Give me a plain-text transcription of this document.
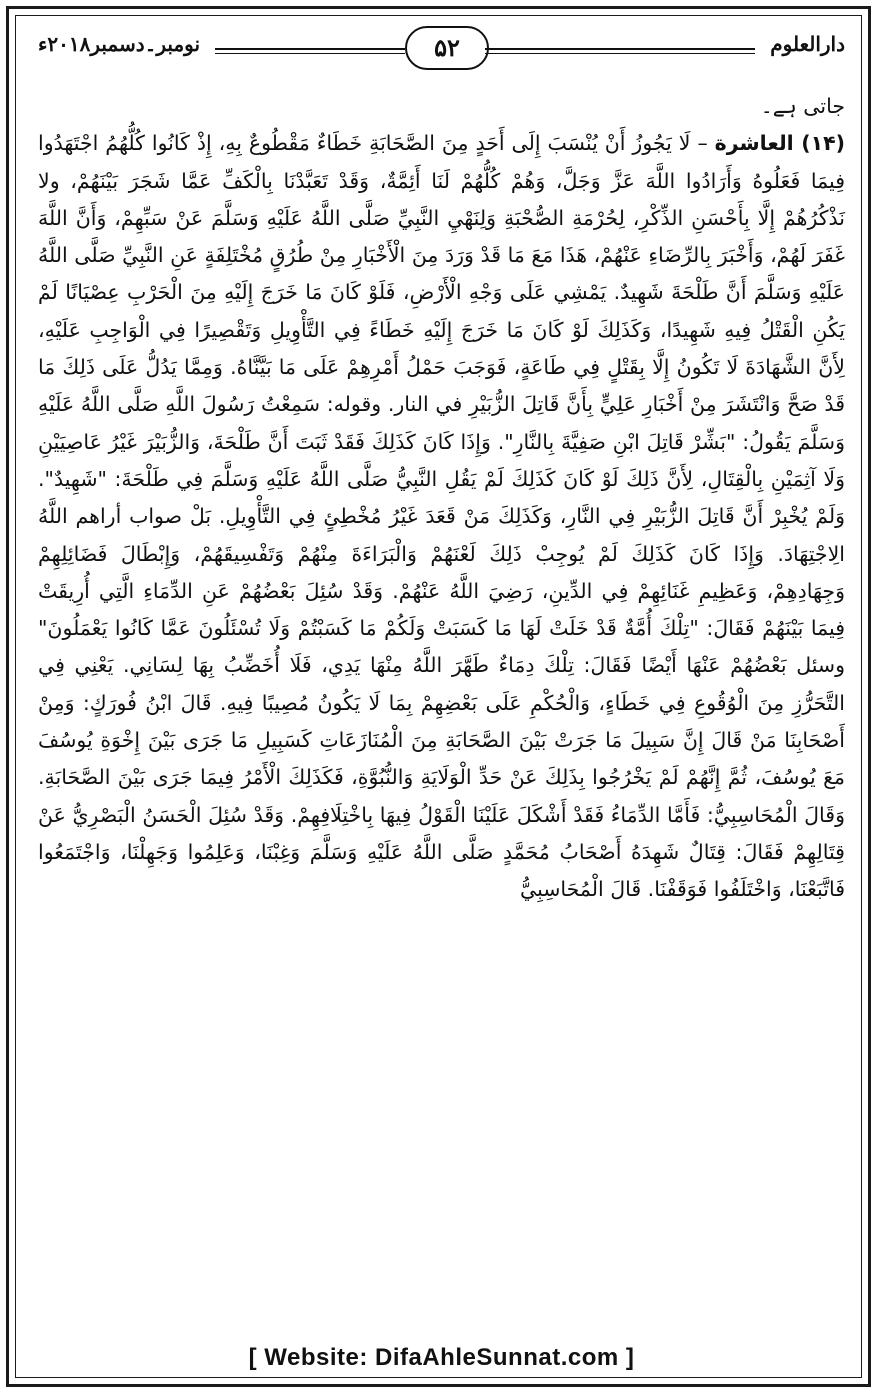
نومبر۔دسمبر۲۰۱۸ء	۵۲	دارالعلوم

جاتی ہے۔

(۱۴) العاشرة – لَا يَجُوزُ أَنْ يُنْسَبَ إِلَى أَحَدٍ مِنَ الصَّحَابَةِ خَطَاءٌ مَقْطُوعٌ بِهِ، إِذْ كَانُوا كُلُّهُمُ اجْتَهَدُوا فِيمَا فَعَلُوهُ وَأَرَادُوا اللَّهَ عَزَّ وَجَلَّ، وَهُمْ كُلُّهُمْ لَنَا أَئِمَّةٌ، وَقَدْ تَعَبَّدْنَا بِالْكَفِّ عَمَّا شَجَرَ بَيْنَهُمْ، ولا نَذْكُرُهُمْ إِلَّا بِأَحْسَنِ الذِّكْرِ، لِحُرْمَةِ الصُّحْبَةِ وَلِنَهْيِ النَّبِيِّ صَلَّى اللَّهُ عَلَيْهِ وَسَلَّمَ عَنْ سَبِّهِمْ، وَأَنَّ اللَّهَ غَفَرَ لَهُمْ، وَأَخْبَرَ بِالرِّضَاءِ عَنْهُمْ، هَذَا مَعَ مَا قَدْ وَرَدَ مِنَ الْأَخْبَارِ مِنْ طُرُقٍ مُخْتَلِفَةٍ عَنِ النَّبِيِّ صَلَّى اللَّهُ عَلَيْهِ وَسَلَّمَ أَنَّ طَلْحَةَ شَهِيدٌ. يَمْشِي عَلَى وَجْهِ الْأَرْضِ، فَلَوْ كَانَ مَا خَرَجَ إِلَيْهِ مِنَ الْحَرْبِ عِصْيَانًا لَمْ يَكُنِ الْقَتْلُ فِيهِ شَهِيدًا، وَكَذَلِكَ لَوْ كَانَ مَا خَرَجَ إِلَيْهِ خَطَاءً فِي التَّأْوِيلِ وَتَقْصِيرًا فِي الْوَاجِبِ عَلَيْهِ، لِأَنَّ الشَّهَادَةَ لَا تَكُونُ إِلَّا بِقَتْلٍ فِي طَاعَةٍ، فَوَجَبَ حَمْلُ أَمْرِهِمْ عَلَى مَا بَيَّنَّاهُ. وَمِمَّا يَدُلُّ عَلَى ذَلِكَ مَا قَدْ صَحَّ وَانْتَشَرَ مِنْ أَخْبَارِ عَلِيٍّ بِأَنَّ قَاتِلَ الزُّبَيْرِ في النار. وقوله: سَمِعْتُ رَسُولَ اللَّهِ صَلَّى اللَّهُ عَلَيْهِ وَسَلَّمَ يَقُولُ: "بَشِّرْ قَاتِلَ ابْنِ صَفِيَّةَ بِالنَّارِ". وَإِذَا كَانَ كَذَلِكَ فَقَدْ ثَبَتَ أَنَّ طَلْحَةَ، وَالزُّبَيْرَ غَيْرُ عَاصِيَيْنِ وَلَا آثِمَيْنِ بِالْقِتَالِ، لِأَنَّ ذَلِكَ لَوْ كَانَ كَذَلِكَ لَمْ يَقُلِ النَّبِيُّ صَلَّى اللَّهُ عَلَيْهِ وَسَلَّمَ فِي طَلْحَةَ: "شَهِيدٌ". وَلَمْ يُخْبِرْ أَنَّ قَاتِلَ الزُّبَيْرِ فِي النَّارِ، وَكَذَلِكَ مَنْ قَعَدَ غَيْرُ مُخْطِئٍ فِي التَّأْوِيلِ. بَلْ صواب أراهم اللَّهُ الِاجْتِهَادَ. وَإِذَا كَانَ كَذَلِكَ لَمْ يُوجِبْ ذَلِكَ لَعْنَهُمْ وَالْبَرَاءَةَ مِنْهُمْ وَتَفْسِيقَهُمْ، وَإِبْطَالَ فَضَائِلِهِمْ وَجِهَادِهِمْ، وَعَظِيمِ غَنَائِهِمْ فِي الدِّينِ، رَضِيَ اللَّهُ عَنْهُمْ. وَقَدْ سُئِلَ بَعْضُهُمْ عَنِ الدِّمَاءِ الَّتِي أُرِيقَتْ فِيمَا بَيْنَهُمْ فَقَالَ: "تِلْكَ أُمَّةٌ قَدْ خَلَتْ لَهَا مَا كَسَبَتْ وَلَكُمْ مَا كَسَبْتُمْ وَلَا تُسْئَلُونَ عَمَّا كَانُوا يَعْمَلُونَ" وسئل بَعْضُهُمْ عَنْهَا أَيْضًا فَقَالَ: تِلْكَ دِمَاءٌ طَهَّرَ اللَّهُ مِنْهَا يَدِي، فَلَا أُخَضِّبُ بِهَا لِسَانِي. يَعْنِي فِي التَّحَرُّزِ مِنَ الْوُقُوعِ فِي خَطَاءٍ، وَالْحُكْمِ عَلَى بَعْضِهِمْ بِمَا لَا يَكُونُ مُصِيبًا فِيهِ. قَالَ ابْنُ فُورَكٍ: وَمِنْ أَصْحَابِنَا مَنْ قَالَ إِنَّ سَبِيلَ مَا جَرَتْ بَيْنَ الصَّحَابَةِ مِنَ الْمُنَازَعَاتِ كَسَبِيلِ مَا جَرَى بَيْنَ إِخْوَةِ يُوسُفَ مَعَ يُوسُفَ، ثُمَّ إِنَّهُمْ لَمْ يَخْرُجُوا بِذَلِكَ عَنْ حَدِّ الْوَلَايَةِ وَالنُّبُوَّةِ، فَكَذَلِكَ الْأَمْرُ فِيمَا جَرَى بَيْنَ الصَّحَابَةِ. وَقَالَ الْمُحَاسِبِيُّ: فَأَمَّا الدِّمَاءُ فَقَدْ أَشْكَلَ عَلَيْنَا الْقَوْلُ فِيهَا بِاخْتِلَافِهِمْ. وَقَدْ سُئِلَ الْحَسَنُ الْبَصْرِيُّ عَنْ قِتَالِهِمْ فَقَالَ: قِتَالٌ شَهِدَهُ أَصْحَابُ مُحَمَّدٍ صَلَّى اللَّهُ عَلَيْهِ وَسَلَّمَ وَغِبْنَا، وَعَلِمُوا وَجَهِلْنَا، وَاجْتَمَعُوا فَاتَّبَعْنَا، وَاخْتَلَفُوا فَوَقَفْنَا. قَالَ الْمُحَاسِبِيُّ

[ Website: DifaAhleSunnat.com ]
